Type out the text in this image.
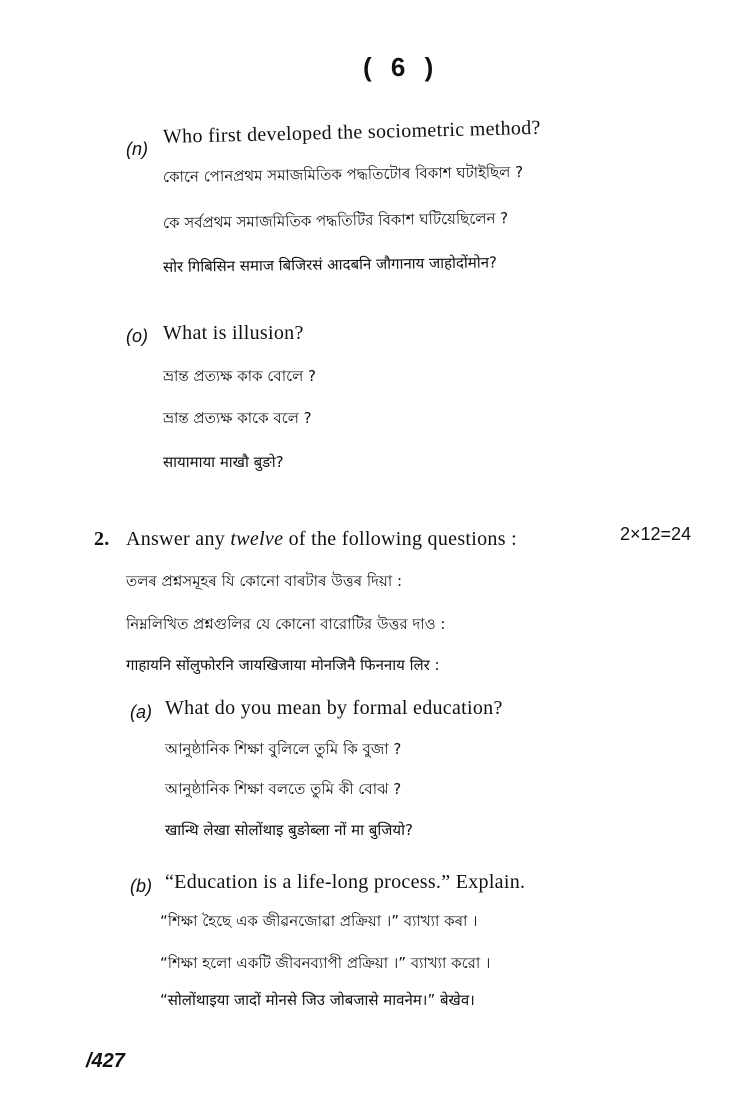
( 6 )
(n)
Who first developed the sociometric method?
কোনে পোনপ্ৰথম সমাজমিতিক পদ্ধতিটোৰ বিকাশ ঘটাইছিল ?
কে সর্বপ্রথম সমাজমিতিক পদ্ধতিটির বিকাশ ঘটিয়েছিলেন ?
सोर गिबिसिन समाज बिजिरसं आदबनि जौगानाय जाहोदोंमोन?
(o) What is illusion?
ভ্ৰান্ত প্ৰত্যক্ষ কাক বোলে ?
ভ্রান্ত প্রত্যক্ষ কাকে বলে ?
सायामाया माखौ बुङो?
2. Answer any twelve of the following questions :	2×12=24
তলৰ প্ৰশ্নসমূহৰ যি কোনো বাৰটাৰ উত্তৰ দিয়া :
নিম্নলিখিত প্রশ্নগুলির যে কোনো বারোটির উত্তর দাও :
गाहायनि सोंलुफोरनि जायखिजाया मोनजिनै फिननाय लिर :
(a) What do you mean by formal education?
আনুষ্ঠানিক শিক্ষা বুলিলে তুমি কি বুজা ?
আনুষ্ঠানিক শিক্ষা বলতে তুমি কী বোঝ ?
खान्थि लेखा सोलोंथाइ बुङोब्ला नों मा बुजियो?
(b) “Education is a life-long process.” Explain.
“শিক্ষা হৈছে এক জীৱনজোৱা প্ৰক্ৰিয়া ।” ব্যাখ্যা কৰা ।
“শিক্ষা হলো একটি জীবনব্যাপী প্রক্রিয়া ।” ব্যাখ্যা করো ।
“सोलोंथाइया जादों मोनसे जिउ जोबजासे मावनेम।” बेखेव।
/427
